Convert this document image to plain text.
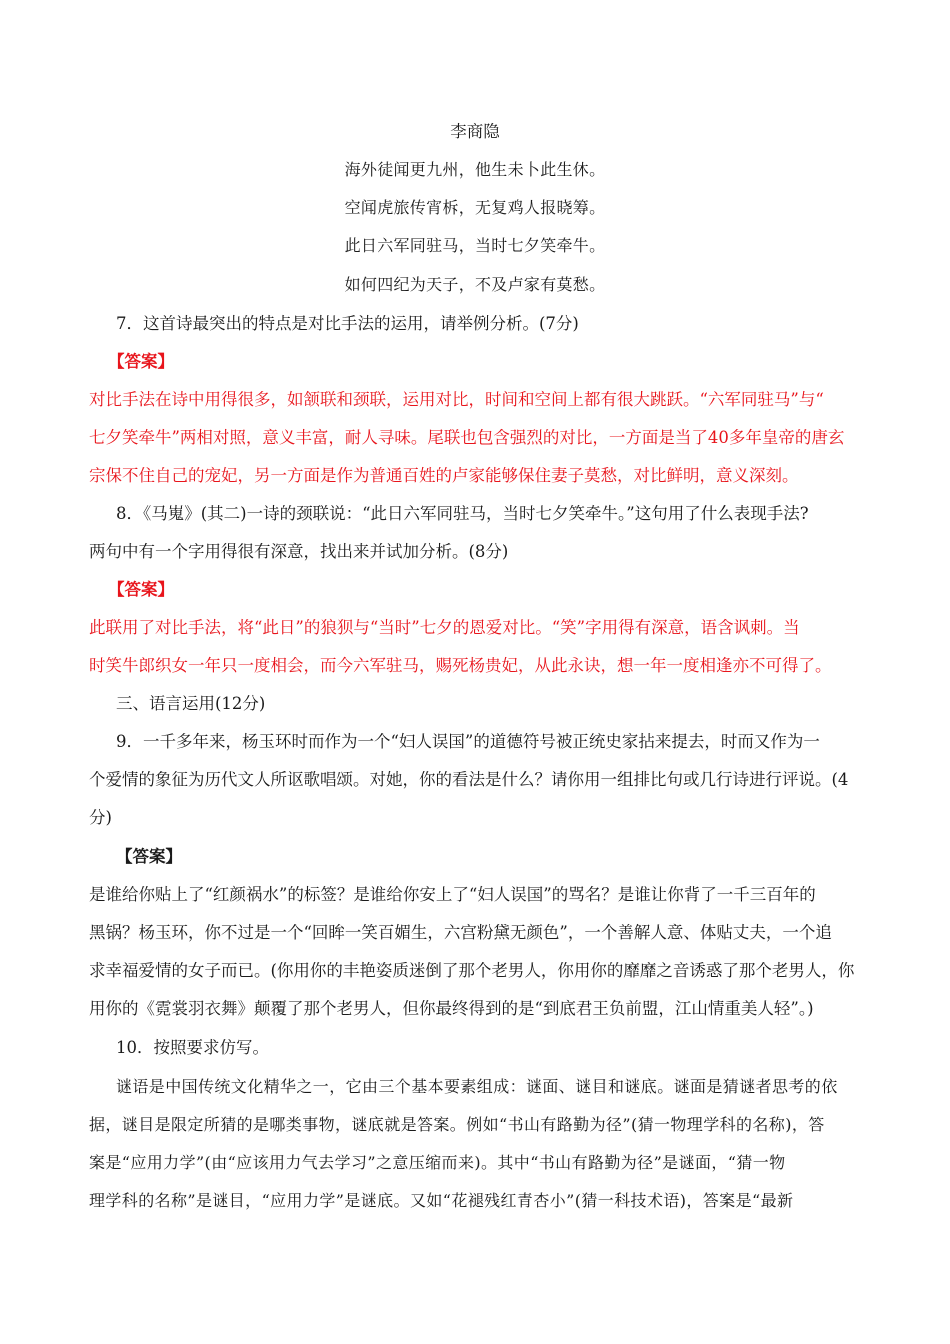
李商隐
海外徒闻更九州，他生未卜此生休。
空闻虎旅传宵柝，无复鸡人报晓筹。
此日六军同驻马，当时七夕笑牵牛。
如何四纪为天子，不及卢家有莫愁。
7．这首诗最突出的特点是对比手法的运用，请举例分析。(7分)
【答案】
对比手法在诗中用得很多，如颔联和颈联，运用对比，时间和空间上都有很大跳跃。“六军同驻马”与“
七夕笑牵牛”两相对照，意义丰富，耐人寻味。尾联也包含强烈的对比，一方面是当了40多年皇帝的唐玄
宗保不住自己的宠妃，另一方面是作为普通百姓的卢家能够保住妻子莫愁，对比鲜明，意义深刻。
8．《马嵬》(其二)一诗的颈联说：“此日六军同驻马，当时七夕笑牵牛。”这句用了什么表现手法?
两句中有一个字用得很有深意，找出来并试加分析。(8分)
【答案】
此联用了对比手法，将“此日”的狼狈与“当时”七夕的恩爱对比。“笑”字用得有深意，语含讽刺。当
时笑牛郎织女一年只一度相会，而今六军驻马，赐死杨贵妃，从此永诀，想一年一度相逢亦不可得了。
三、语言运用(12分)
9．一千多年来，杨玉环时而作为一个“妇人误国”的道德符号被正统史家拈来提去，时而又作为一
个爱情的象征为历代文人所讴歌唱颂。对她，你的看法是什么？请你用一组排比句或几行诗进行评说。(4
分)
【答案】
是谁给你贴上了“红颜祸水”的标签？是谁给你安上了“妇人误国”的骂名？是谁让你背了一千三百年的
黑锅？杨玉环，你不过是一个“回眸一笑百媚生，六宫粉黛无颜色”，一个善解人意、体贴丈夫，一个追
求幸福爱情的女子而已。(你用你的丰艳姿质迷倒了那个老男人，你用你的靡靡之音诱惑了那个老男人，你
用你的《霓裳羽衣舞》颠覆了那个老男人，但你最终得到的是“到底君王负前盟，江山情重美人轻”。)
10．按照要求仿写。
谜语是中国传统文化精华之一，它由三个基本要素组成：谜面、谜目和谜底。谜面是猜谜者思考的依
据，谜目是限定所猜的是哪类事物，谜底就是答案。例如“书山有路勤为径”(猜一物理学科的名称)，答
案是“应用力学”(由“应该用力气去学习”之意压缩而来)。其中“书山有路勤为径”是谜面，“猜一物
理学科的名称”是谜目，“应用力学”是谜底。又如“花褪残红青杏小”(猜一科技术语)，答案是“最新
